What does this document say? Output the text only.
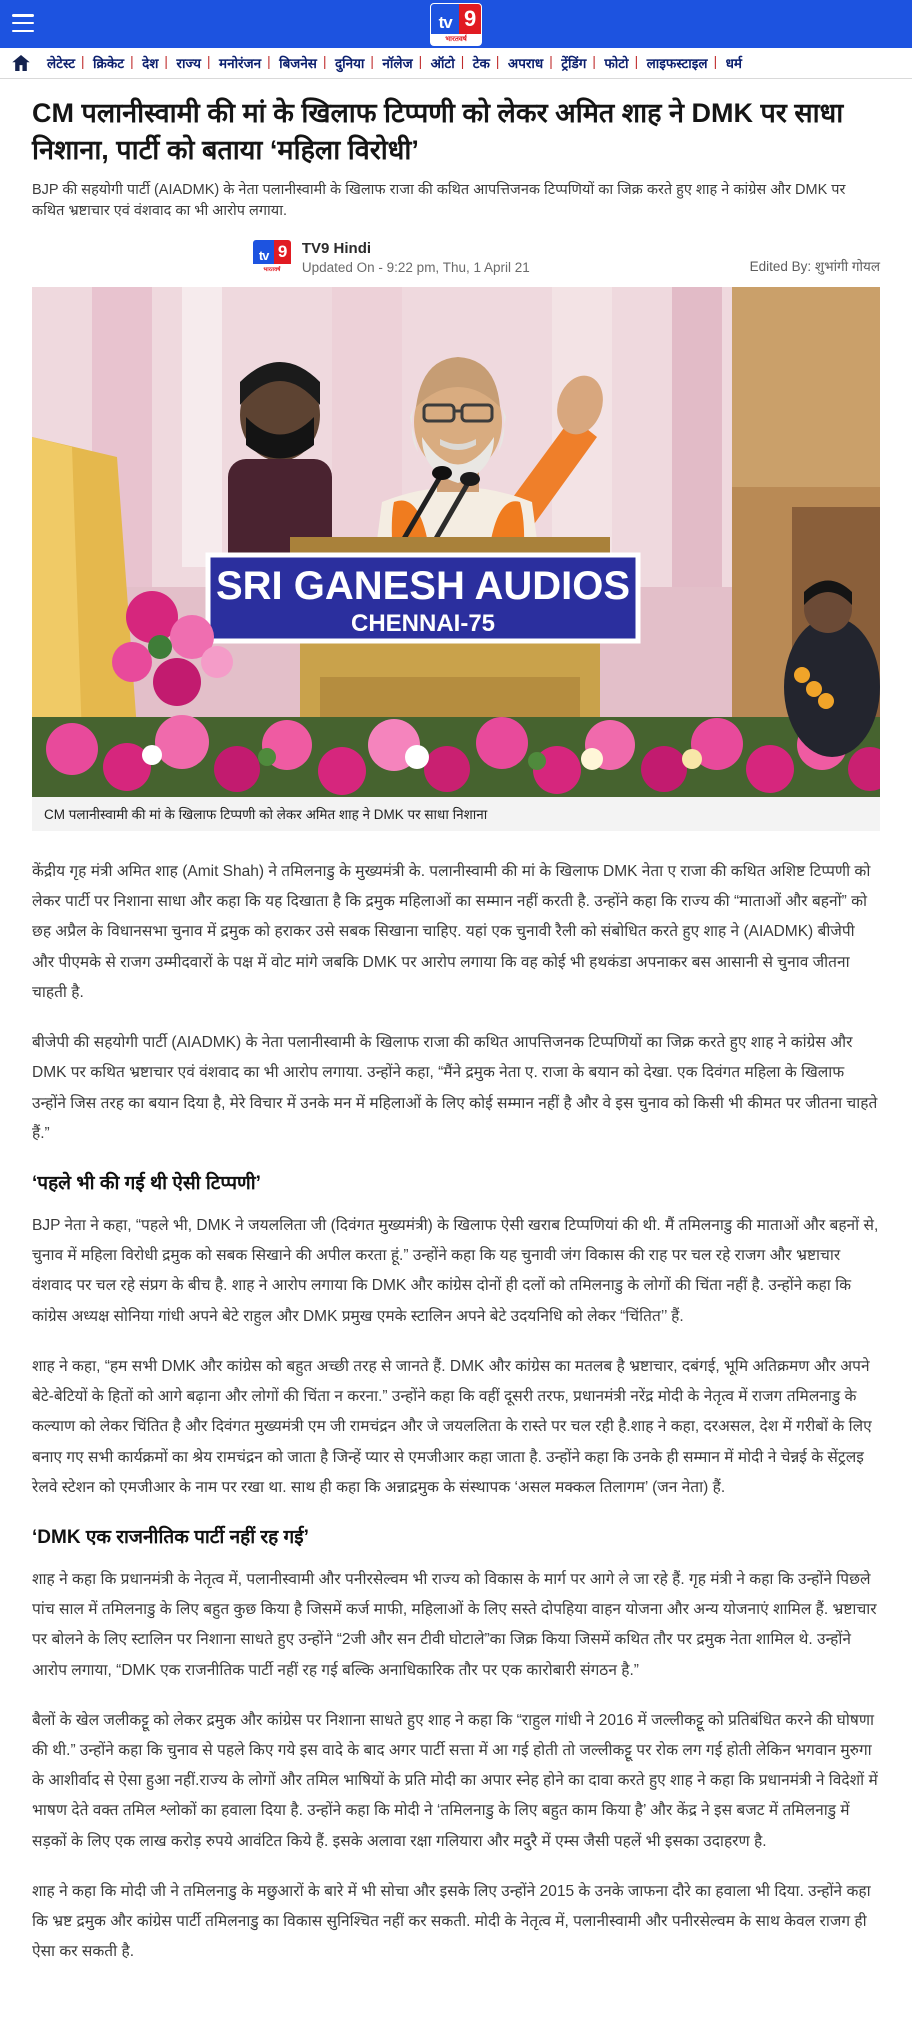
tv 9
भारतवर्ष
लेटेस्ट	| क्रिकेट	| देश	| राज्य	| मनोरंजन	| बिजनेस	| दुनिया	| नॉलेज	| ऑटो	| टेक	| अपराध	| ट्रेंडिंग	| फोटो	| लाइफस्टाइल	| धर्म
CM पलानीस्वामी की मां के खिलाफ टिप्पणी को लेकर अमित शाह ने DMK पर साधा निशाना, पार्टी को बताया ‘महिला विरोधी’

BJP की सहयोगी पार्टी (AIADMK) के नेता पलानीस्वामी के खिलाफ राजा की कथित आपत्तिजनक टिप्पणियों का जिक्र करते हुए शाह ने कांग्रेस और DMK पर कथित भ्रष्टाचार एवं वंशवाद का भी आरोप लगाया.

tv 9
भारतवर्ष
TV9 Hindi
Updated On - 9:22 pm, Thu, 1 April 21	Edited By: शुभांगी गोयल
SRI GANESH AUDIOS
CHENNAI-75
CM पलानीस्वामी की मां के खिलाफ टिप्पणी को लेकर अमित शाह ने DMK पर साधा निशाना

केंद्रीय गृह मंत्री अमित शाह (Amit Shah) ने तमिलनाडु के मुख्यमंत्री के. पलानीस्वामी की मां के खिलाफ DMK नेता ए राजा की कथित अशिष्ट टिप्पणी को लेकर पार्टी पर निशाना साधा और कहा कि यह दिखाता है कि द्रमुक महिलाओं का सम्मान नहीं करती है. उन्होंने कहा कि राज्य की “माताओं और बहनों” को छह अप्रैल के विधानसभा चुनाव में द्रमुक को हराकर उसे सबक सिखाना चाहिए. यहां एक चुनावी रैली को संबोधित करते हुए शाह ने (AIADMK) बीजेपी और पीएमके से राजग उम्मीदवारों के पक्ष में वोट मांगे जबकि DMK पर आरोप लगाया कि वह कोई भी हथकंडा अपनाकर बस आसानी से चुनाव जीतना चाहती है.

बीजेपी की सहयोगी पार्टी (AIADMK) के नेता पलानीस्वामी के खिलाफ राजा की कथित आपत्तिजनक टिप्पणियों का जिक्र करते हुए शाह ने कांग्रेस और DMK पर कथित भ्रष्टाचार एवं वंशवाद का भी आरोप लगाया. उन्होंने कहा, “मैंने द्रमुक नेता ए. राजा के बयान को देखा. एक दिवंगत महिला के खिलाफ उन्होंने जिस तरह का बयान दिया है, मेरे विचार में उनके मन में महिलाओं के लिए कोई सम्मान नहीं है और वे इस चुनाव को किसी भी कीमत पर जीतना चाहते हैं.”

‘पहले भी की गई थी ऐसी टिप्पणी’

BJP नेता ने कहा, “पहले भी, DMK ने जयललिता जी (दिवंगत मुख्यमंत्री) के खिलाफ ऐसी खराब टिप्पणियां की थी. मैं तमिलनाडु की माताओं और बहनों से, चुनाव में महिला विरोधी द्रमुक को सबक सिखाने की अपील करता हूं.” उन्होंने कहा कि यह चुनावी जंग विकास की राह पर चल रहे राजग और भ्रष्टाचार वंशवाद पर चल रहे संप्रग के बीच है. शाह ने आरोप लगाया कि DMK और कांग्रेस दोनों ही दलों को तमिलनाडु के लोगों की चिंता नहीं है. उन्होंने कहा कि कांग्रेस अध्यक्ष सोनिया गांधी अपने बेटे राहुल और DMK प्रमुख एमके स्टालिन अपने बेटे उदयनिधि को लेकर “चिंतित’’ हैं.

शाह ने कहा, “हम सभी DMK और कांग्रेस को बहुत अच्छी तरह से जानते हैं. DMK और कांग्रेस का मतलब है भ्रष्टाचार, दबंगई, भूमि अतिक्रमण और अपने बेटे-बेटियों के हितों को आगे बढ़ाना और लोगों की चिंता न करना.” उन्होंने कहा कि वहीं दूसरी तरफ, प्रधानमंत्री नरेंद्र मोदी के नेतृत्व में राजग तमिलनाडु के कल्याण को लेकर चिंतित है और दिवंगत मुख्यमंत्री एम जी रामचंद्रन और जे जयललिता के रास्ते पर चल रही है.शाह ने कहा, दरअसल, देश में गरीबों के लिए बनाए गए सभी कार्यक्रमों का श्रेय रामचंद्रन को जाता है जिन्हें प्यार से एमजीआर कहा जाता है. उन्होंने कहा कि उनके ही सम्मान में मोदी ने चेन्नई के सेंट्रलइ रेलवे स्टेशन को एमजीआर के नाम पर रखा था. साथ ही कहा कि अन्नाद्रमुक के संस्थापक ‘असल मक्कल तिलागम’ (जन नेता) हैं.

‘DMK एक राजनीतिक पार्टी नहीं रह गई’

शाह ने कहा कि प्रधानमंत्री के नेतृत्व में, पलानीस्वामी और पनीरसेल्वम भी राज्य को विकास के मार्ग पर आगे ले जा रहे हैं. गृह मंत्री ने कहा कि उन्होंने पिछले पांच साल में तमिलनाडु के लिए बहुत कुछ किया है जिसमें कर्ज माफी, महिलाओं के लिए सस्ते दोपहिया वाहन योजना और अन्य योजनाएं शामिल हैं. भ्रष्टाचार पर बोलने के लिए स्टालिन पर निशाना साधते हुए उन्होंने “2जी और सन टीवी घोटाले”का जिक्र किया जिसमें कथित तौर पर द्रमुक नेता शामिल थे. उन्होंने आरोप लगाया, “DMK एक राजनीतिक पार्टी नहीं रह गई बल्कि अनाधिकारिक तौर पर एक कारोबारी संगठन है.”

बैलों के खेल जलीकट्टू को लेकर द्रमुक और कांग्रेस पर निशाना साधते हुए शाह ने कहा कि “राहुल गांधी ने 2016 में जल्लीकट्टू को प्रतिबंधित करने की घोषणा की थी.” उन्होंने कहा कि चुनाव से पहले किए गये इस वादे के बाद अगर पार्टी सत्ता में आ गई होती तो जल्लीकट्टू पर रोक लग गई होती लेकिन भगवान मुरुगा के आशीर्वाद से ऐसा हुआ नहीं.राज्य के लोगों और तमिल भाषियों के प्रति मोदी का अपार स्नेह होने का दावा करते हुए शाह ने कहा कि प्रधानमंत्री ने विदेशों में भाषण देते वक्त तमिल श्लोकों का हवाला दिया है. उन्होंने कहा कि मोदी ने ‘तमिलनाडु के लिए बहुत काम किया है’ और केंद्र ने इस बजट में तमिलनाडु में सड़कों के लिए एक लाख करोड़ रुपये आवंटित किये हैं. इसके अलावा रक्षा गलियारा और मदुरै में एम्स जैसी पहलें भी इसका उदाहरण है.

शाह ने कहा कि मोदी जी ने तमिलनाडु के मछुआरों के बारे में भी सोचा और इसके लिए उन्होंने 2015 के उनके जाफना दौरे का हवाला भी दिया. उन्होंने कहा कि भ्रष्ट द्रमुक और कांग्रेस पार्टी तमिलनाडु का विकास सुनिश्चित नहीं कर सकती. मोदी के नेतृत्व में, पलानीस्वामी और पनीरसेल्वम के साथ केवल राजग ही ऐसा कर सकती है.
